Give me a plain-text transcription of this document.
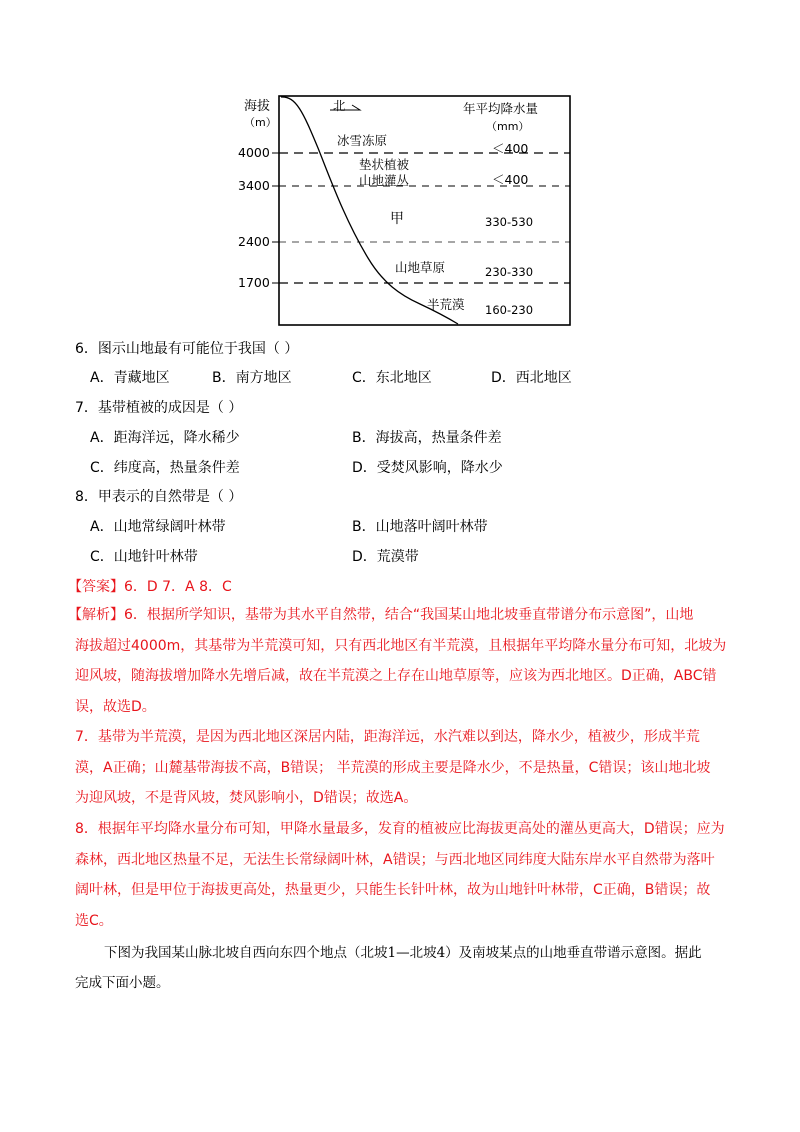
海拔
（m）
北	年平均降水量
（mm）
4000
3400
2400
1700
冰雪冻原
垫状植被
山地灌丛
甲
山地草原
半荒漠
＜400
＜400
330-530
230-330
160-230
6．图示山地最有可能位于我国（ ）
A．青藏地区	B．南方地区	C．东北地区	D．西北地区
7．基带植被的成因是（ ）
A．距海洋远，降水稀少	B．海拔高，热量条件差
C．纬度高，热量条件差	D．受焚风影响，降水少
8．甲表示的自然带是（ ）
A．山地常绿阔叶林带	B．山地落叶阔叶林带
C．山地针叶林带	D．荒漠带
【答案】6．D 7．A 8．C
【解析】6．根据所学知识，基带为其水平自然带，结合“我国某山地北坡垂直带谱分布示意图”，山地
海拔超过4000m，其基带为半荒漠可知，只有西北地区有半荒漠，且根据年平均降水量分布可知，北坡为
迎风坡，随海拔增加降水先增后减，故在半荒漠之上存在山地草原等，应该为西北地区。D正确，ABC错
误，故选D。
7．基带为半荒漠，是因为西北地区深居内陆，距海洋远，水汽难以到达，降水少，植被少，形成半荒
漠，A正确；山麓基带海拔不高，B错误； 半荒漠的形成主要是降水少，不是热量，C错误；该山地北坡
为迎风坡，不是背风坡，焚风影响小，D错误；故选A。
8．根据年平均降水量分布可知，甲降水量最多，发育的植被应比海拔更高处的灌丛更高大，D错误；应为
森林，西北地区热量不足，无法生长常绿阔叶林，A错误；与西北地区同纬度大陆东岸水平自然带为落叶
阔叶林，但是甲位于海拔更高处，热量更少，只能生长针叶林，故为山地针叶林带，C正确，B错误；故
选C。
下图为我国某山脉北坡自西向东四个地点（北坡1—北坡4）及南坡某点的山地垂直带谱示意图。据此
完成下面小题。
